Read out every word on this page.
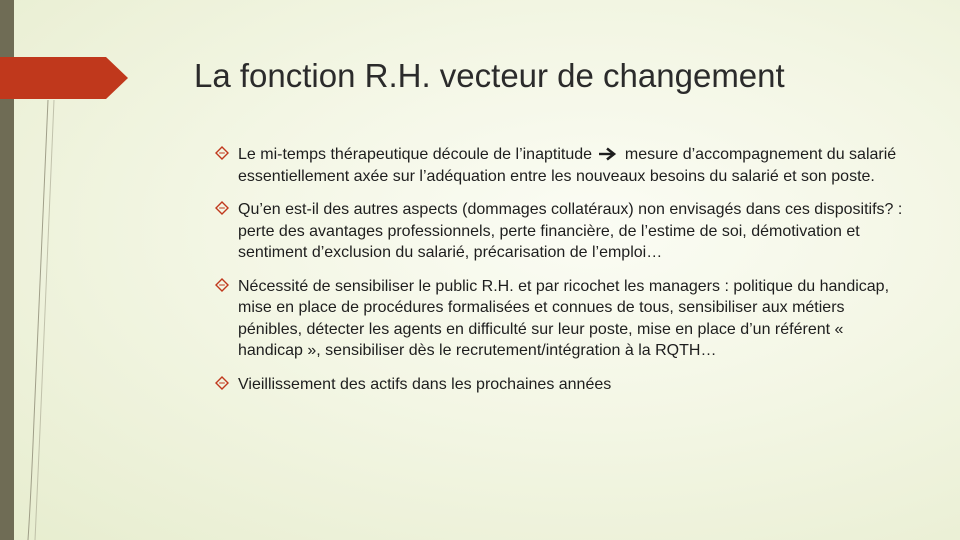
La fonction R.H. vecteur de changement
Le mi-temps thérapeutique découle de l’inaptitude mesure d’accompagnement du salarié essentiellement axée sur l’adéquation entre les nouveaux besoins du salarié et son poste.
Qu’en est-il des autres aspects (dommages collatéraux) non envisagés dans ces dispositifs? : perte des avantages professionnels, perte financière, de l’estime de soi, démotivation et sentiment d’exclusion du salarié, précarisation de l’emploi…
Nécessité de sensibiliser le public R.H. et par ricochet les managers : politique du handicap, mise en place de procédures formalisées et connues de tous, sensibiliser aux métiers pénibles, détecter les agents en difficulté sur leur poste, mise en place d’un référent « handicap », sensibiliser dès le recrutement/intégration à la RQTH…
Vieillissement des actifs dans les prochaines années
